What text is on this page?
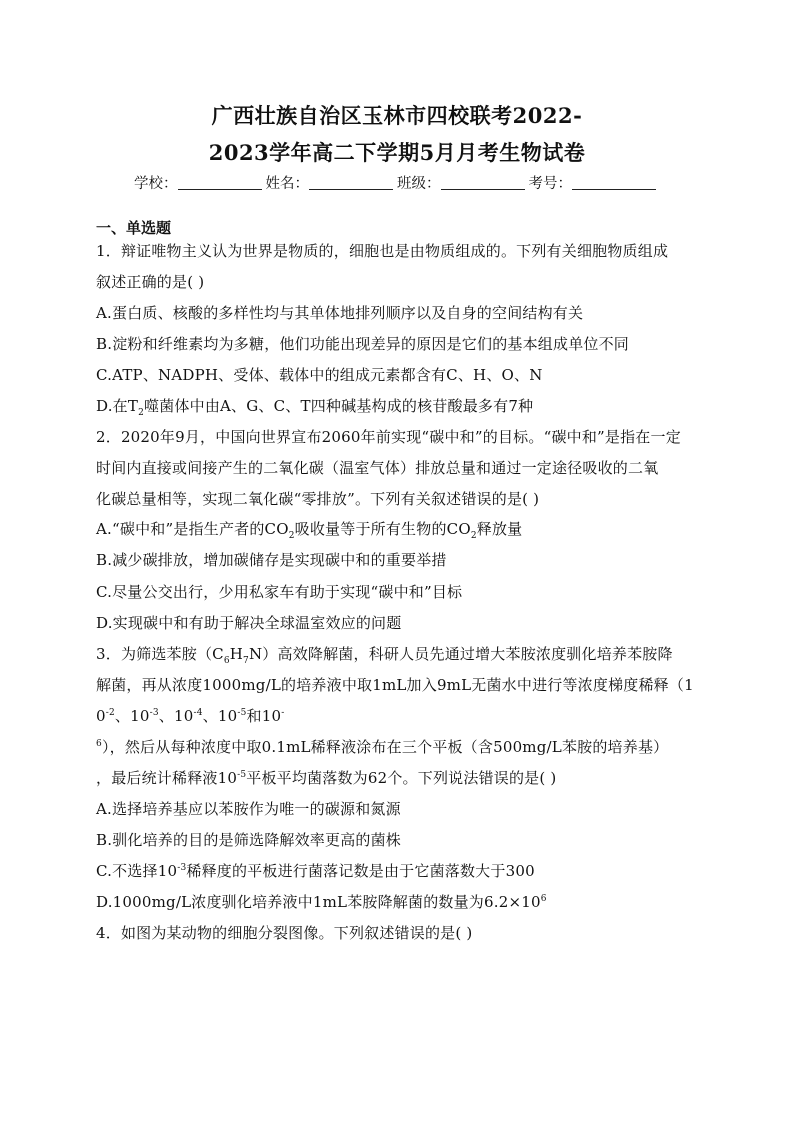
广西壮族自治区玉林市四校联考2022-
2023学年高二下学期5月月考生物试卷
学校：	姓名：	班级：	考号：
一、单选题
1．辩证唯物主义认为世界是物质的，细胞也是由物质组成的。下列有关细胞物质组成
叙述正确的是( )
A.蛋白质、核酸的多样性均与其单体地排列顺序以及自身的空间结构有关
B.淀粉和纤维素均为多糖，他们功能出现差异的原因是它们的基本组成单位不同
C.ATP、NADPH、受体、载体中的组成元素都含有C、H、O、N
D.在$T_2$噬菌体中由A、G、C、T四种碱基构成的核苷酸最多有7种
2．2020年9月，中国向世界宣布2060年前实现“碳中和”的目标。“碳中和”是指在一定
时间内直接或间接产生的二氧化碳（温室气体）排放总量和通过一定途径吸收的二氧
化碳总量相等，实现二氧化碳“零排放”。下列有关叙述错误的是( )
A.“碳中和”是指生产者的$CO_2$吸收量等于所有生物的$CO_2$释放量
B.减少碳排放，增加碳储存是实现碳中和的重要举措
C.尽量公交出行，少用私家车有助于实现“碳中和”目标
D.实现碳中和有助于解决全球温室效应的问题
3．为筛选苯胺$(C_6H_7N)$高效降解菌，科研人员先通过增大苯胺浓度驯化培养苯胺降
解菌，再从浓度1000mg/L的培养液中取1mL加入9mL无菌水中进行等浓度梯度稀释（1
$0^{-2}$、$10^{-3}$、$10^{-4}$、$10^{-5}$和10-
$^6$），然后从每种浓度中取0.1mL稀释液涂布在三个平板（含500mg/L苯胺的培养基）
，最后统计稀释液$10^{-5}$平板平均菌落数为62个。下列说法错误的是( )
A.选择培养基应以苯胺作为唯一的碳源和氮源
B.驯化培养的目的是筛选降解效率更高的菌株
C.不选择$10^{-3}$稀释度的平板进行菌落记数是由于它菌落数大于300
D.1000mg/L浓度驯化培养液中1mL苯胺降解菌的数量为$6.2\times 10^6$
4．如图为某动物的细胞分裂图像。下列叙述错误的是( )
